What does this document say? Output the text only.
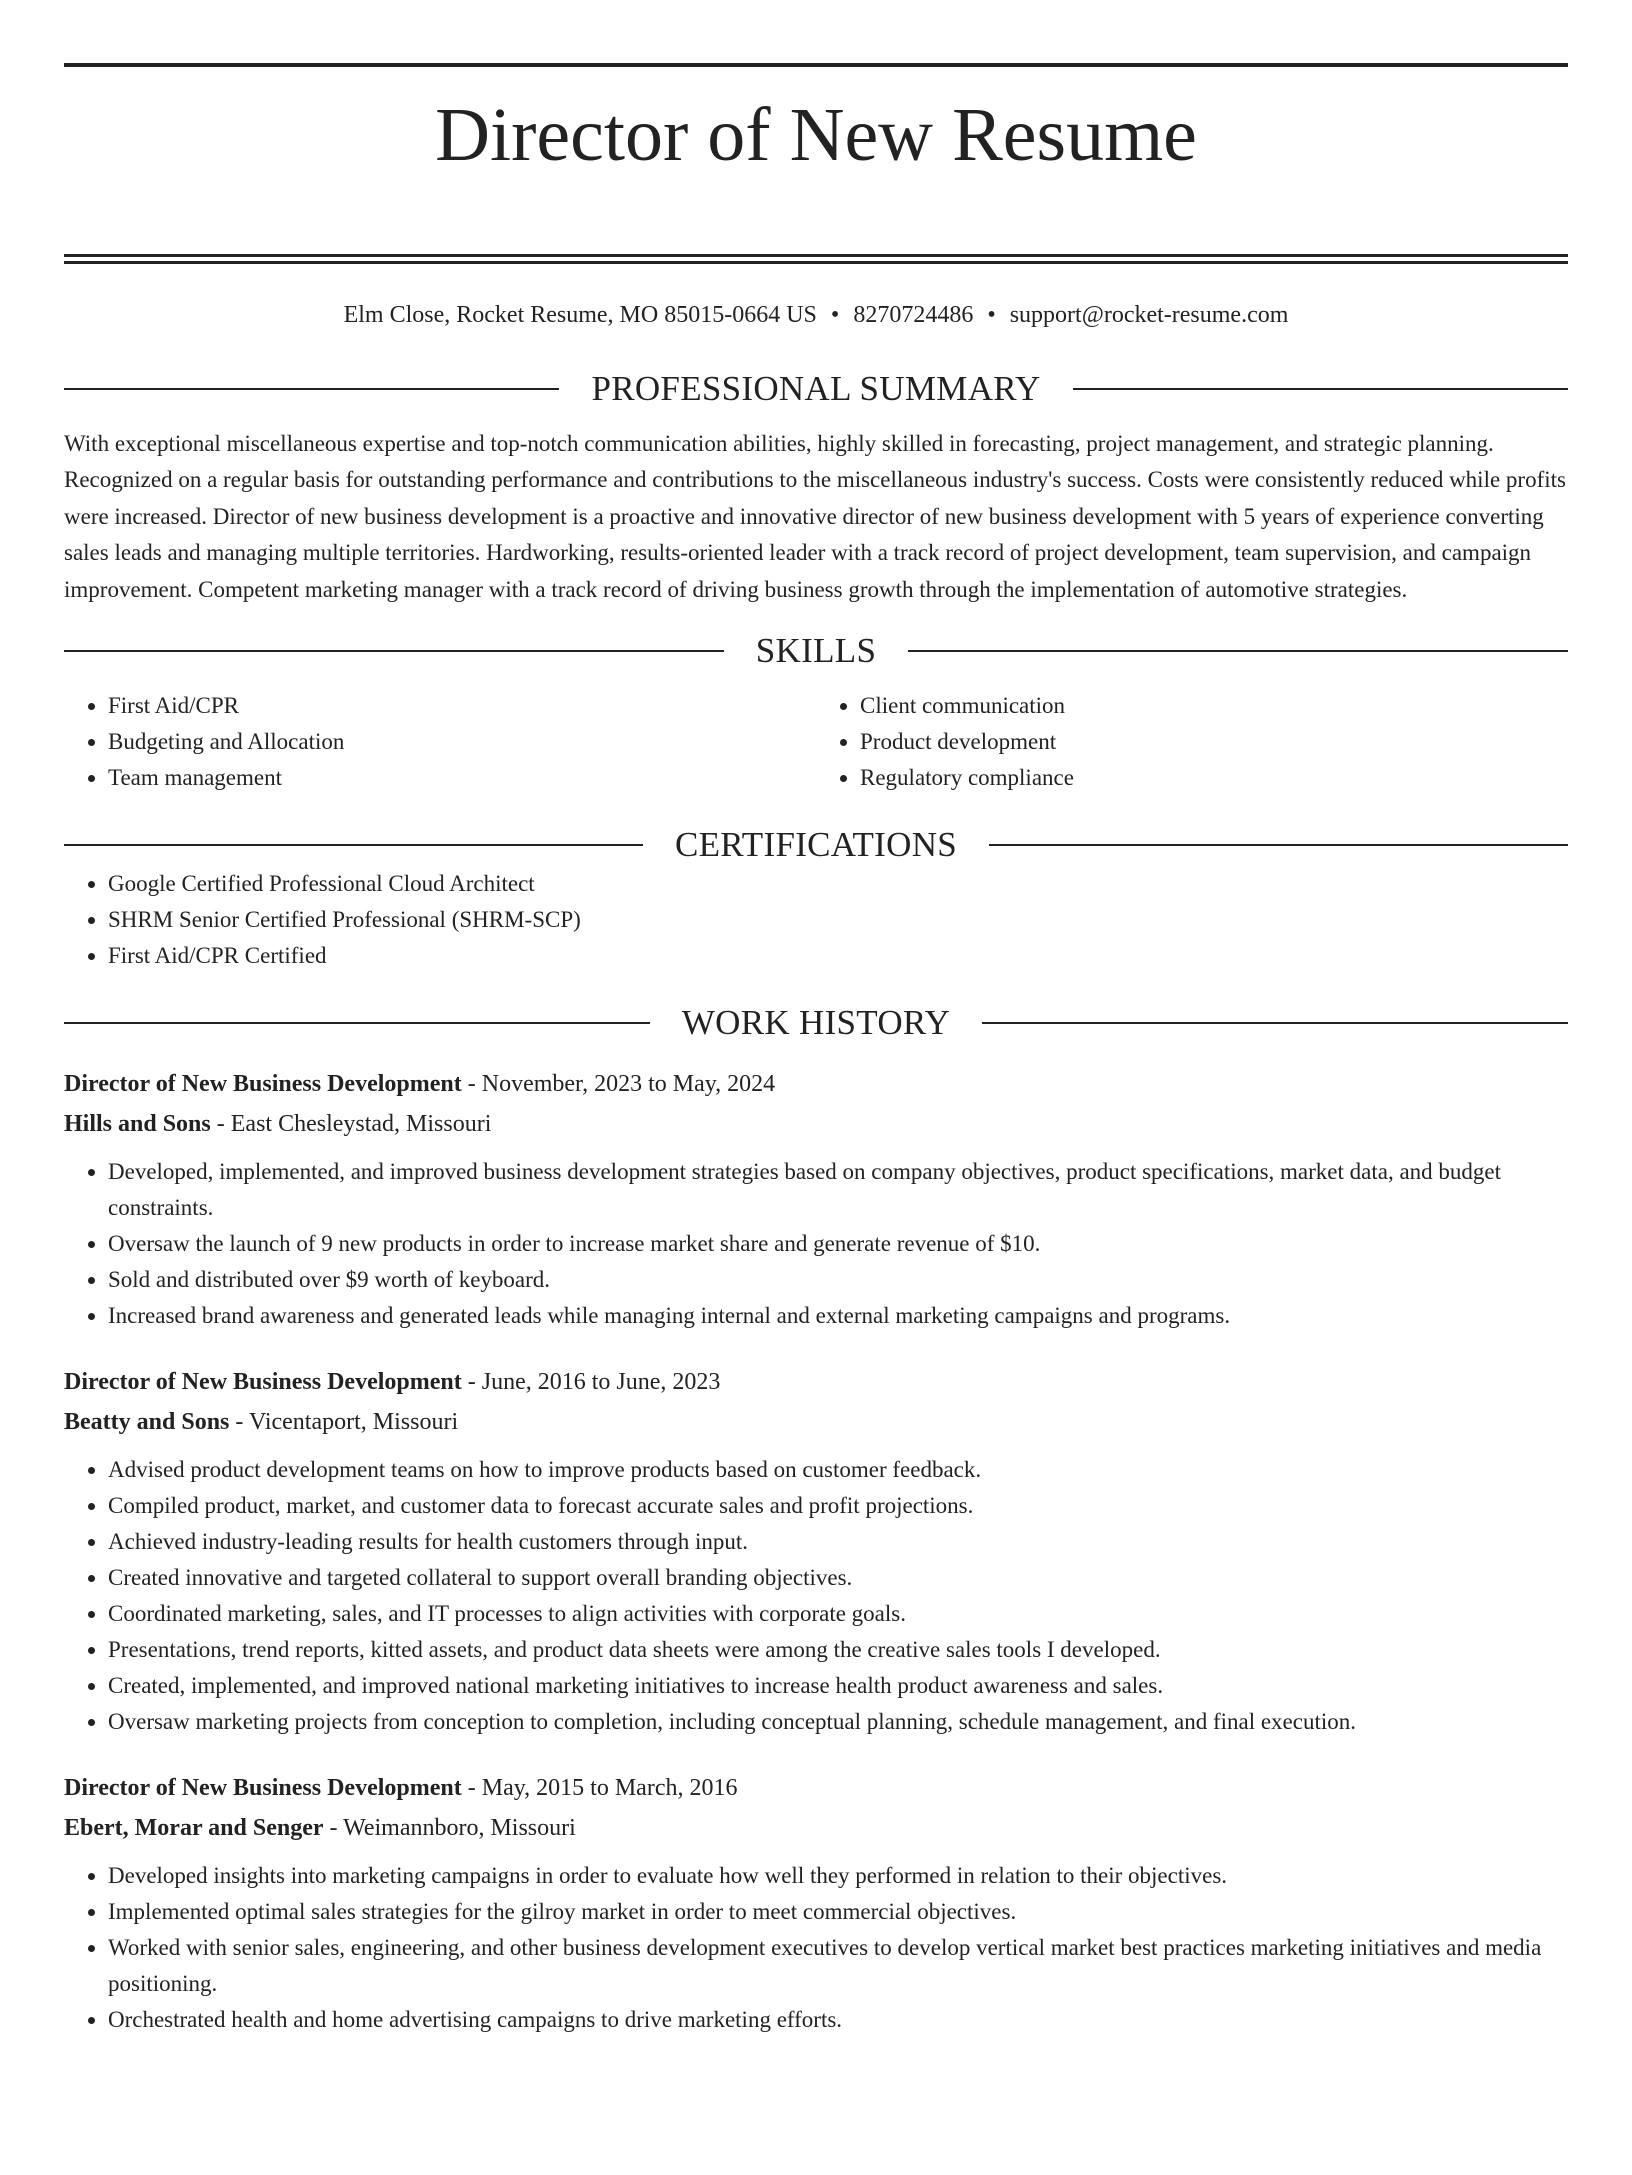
Director of New Resume
Elm Close, Rocket Resume, MO 85015-0664 US • 8270724486 • support@rocket-resume.com
PROFESSIONAL SUMMARY

With exceptional miscellaneous expertise and top-notch communication abilities, highly skilled in forecasting, project management, and strategic planning. Recognized on a regular basis for outstanding performance and contributions to the miscellaneous industry's success. Costs were consistently reduced while profits were increased. Director of new business development is a proactive and innovative director of new business development with 5 years of experience converting sales leads and managing multiple territories. Hardworking, results-oriented leader with a track record of project development, team supervision, and campaign improvement. Competent marketing manager with a track record of driving business growth through the implementation of automotive strategies.

SKILLS
• First Aid/CPR
• Budgeting and Allocation
• Team management
• Client communication
• Product development
• Regulatory compliance
CERTIFICATIONS
• Google Certified Professional Cloud Architect
• SHRM Senior Certified Professional (SHRM-SCP)
• First Aid/CPR Certified
WORK HISTORY
Director of New Business Development - November, 2023 to May, 2024
Hills and Sons - East Chesleystad, Missouri
• Developed, implemented, and improved business development strategies based on company objectives, product specifications, market data, and budget constraints.
• Oversaw the launch of 9 new products in order to increase market share and generate revenue of $10.
• Sold and distributed over $9 worth of keyboard.
• Increased brand awareness and generated leads while managing internal and external marketing campaigns and programs.
Director of New Business Development - June, 2016 to June, 2023
Beatty and Sons - Vicentaport, Missouri
• Advised product development teams on how to improve products based on customer feedback.
• Compiled product, market, and customer data to forecast accurate sales and profit projections.
• Achieved industry-leading results for health customers through input.
• Created innovative and targeted collateral to support overall branding objectives.
• Coordinated marketing, sales, and IT processes to align activities with corporate goals.
• Presentations, trend reports, kitted assets, and product data sheets were among the creative sales tools I developed.
• Created, implemented, and improved national marketing initiatives to increase health product awareness and sales.
• Oversaw marketing projects from conception to completion, including conceptual planning, schedule management, and final execution.
Director of New Business Development - May, 2015 to March, 2016
Ebert, Morar and Senger - Weimannboro, Missouri
• Developed insights into marketing campaigns in order to evaluate how well they performed in relation to their objectives.
• Implemented optimal sales strategies for the gilroy market in order to meet commercial objectives.
• Worked with senior sales, engineering, and other business development executives to develop vertical market best practices marketing initiatives and media positioning.
• Orchestrated health and home advertising campaigns to drive marketing efforts.
